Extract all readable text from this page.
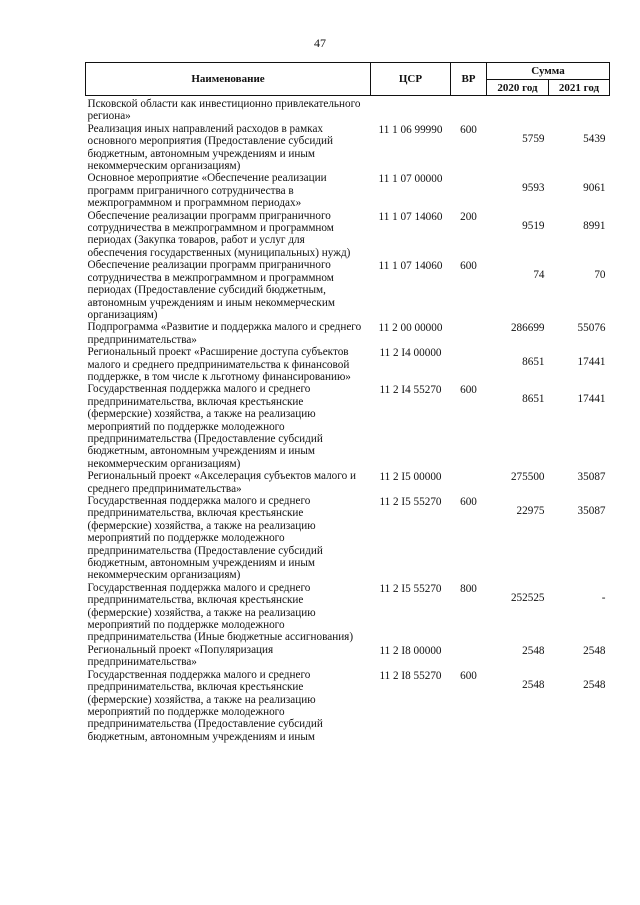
47
Наименование	ЦСР	ВР	Сумма	
			2020 год	2021 год
Псковской области как инвестиционно привлекательного региона»				
Реализация иных направлений расходов в рамках основного мероприятия (Предоставление субсидий бюджетным, автономным учреждениям и иным некоммерческим организациям)	11 1 06 99990	600	5759	5439
Основное мероприятие «Обеспечение реализации программ приграничного сотрудничества в межпрограммном и программном периодах»	11 1 07 00000		9593	9061
Обеспечение реализации программ приграничного сотрудничества в межпрограммном и программном периодах (Закупка товаров, работ и услуг для обеспечения государственных (муниципальных) нужд)	11 1 07 14060	200	9519	8991
Обеспечение реализации программ приграничного сотрудничества в межпрограммном и программном периодах (Предоставление субсидий бюджетным, автономным учреждениям и иным некоммерческим организациям)	11 1 07 14060	600	74	70
Подпрограмма «Развитие и поддержка малого и среднего предпринимательства»	11 2 00 00000		286699	55076
Региональный проект «Расширение доступа субъектов малого и среднего предпринимательства к финансовой поддержке, в том числе к льготному финансированию»	11 2 I4 00000		8651	17441
Государственная поддержка малого и среднего предпринимательства, включая крестьянские (фермерские) хозяйства, а также на реализацию мероприятий по поддержке молодежного предпринимательства (Предоставление субсидий бюджетным, автономным учреждениям и иным некоммерческим организациям)	11 2 I4 55270	600	8651	17441
Региональный проект «Акселерация субъектов малого и среднего предпринимательства»	11 2 I5 00000		275500	35087
Государственная поддержка малого и среднего предпринимательства, включая крестьянские (фермерские) хозяйства, а также на реализацию мероприятий по поддержке молодежного предпринимательства (Предоставление субсидий бюджетным, автономным учреждениям и иным некоммерческим организациям)	11 2 I5 55270	600	22975	35087
Государственная поддержка малого и среднего предпринимательства, включая крестьянские (фермерские) хозяйства, а также на реализацию мероприятий по поддержке молодежного предпринимательства (Иные бюджетные ассигнования)	11 2 I5 55270	800	252525	-
Региональный проект «Популяризация предпринимательства»	11 2 I8 00000		2548	2548
Государственная поддержка малого и среднего предпринимательства, включая крестьянские (фермерские) хозяйства, а также на реализацию мероприятий по поддержке молодежного предпринимательства (Предоставление субсидий бюджетным, автономным учреждениям и иным	11 2 I8 55270	600	2548	2548
